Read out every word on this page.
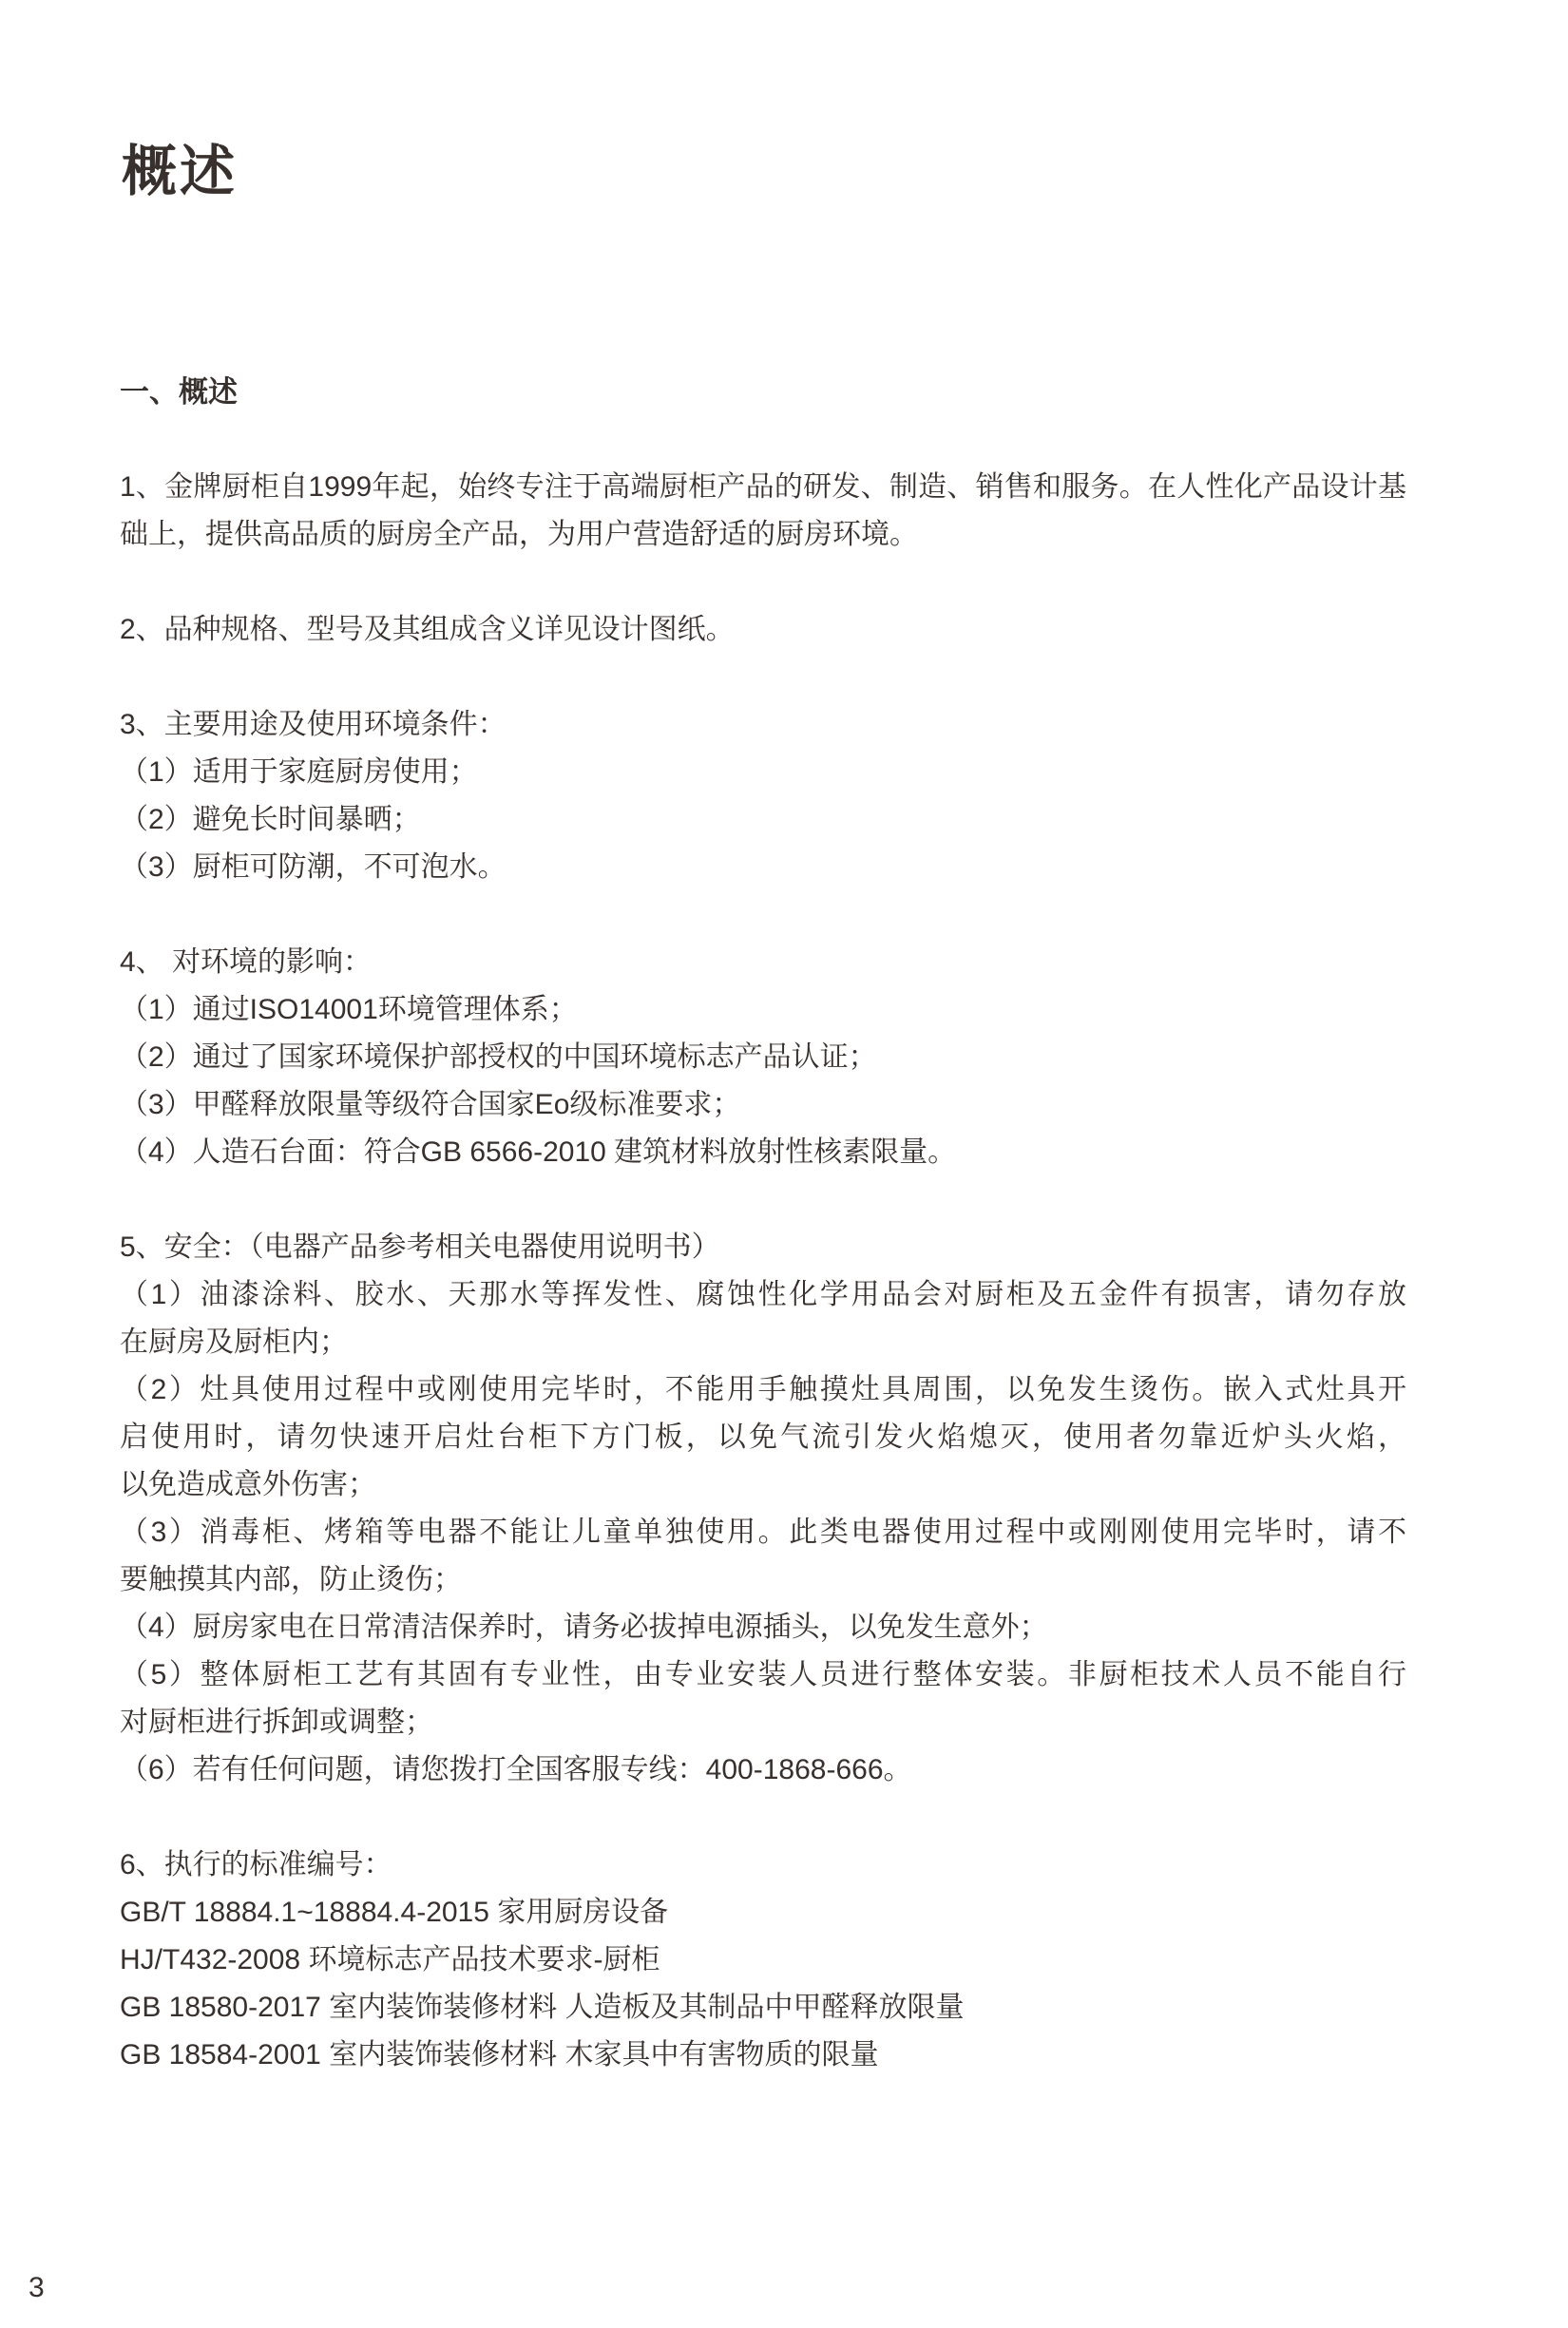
概述
一、概述
1、金牌厨柜自1999年起，始终专注于高端厨柜产品的研发、制造、销售和服务。在人性化产品设计基
础上，提供高品质的厨房全产品，为用户营造舒适的厨房环境。
2、品种规格、型号及其组成含义详见设计图纸。
3、主要用途及使用环境条件：
（1）适用于家庭厨房使用；
（2）避免长时间暴晒；
（3）厨柜可防潮，不可泡水。
4、 对环境的影响：
（1）通过ISO14001环境管理体系；
（2）通过了国家环境保护部授权的中国环境标志产品认证；
（3）甲醛释放限量等级符合国家Eo级标准要求；
（4）人造石台面：符合GB 6566-2010 建筑材料放射性核素限量。
5、安全：（电器产品参考相关电器使用说明书）
（1）油漆涂料、胶水、天那水等挥发性、腐蚀性化学用品会对厨柜及五金件有损害，请勿存放
在厨房及厨柜内；
（2）灶具使用过程中或刚使用完毕时，不能用手触摸灶具周围，以免发生烫伤。嵌入式灶具开
启使用时，请勿快速开启灶台柜下方门板，以免气流引发火焰熄灭，使用者勿靠近炉头火焰，
以免造成意外伤害；
（3）消毒柜、烤箱等电器不能让儿童单独使用。此类电器使用过程中或刚刚使用完毕时，请不
要触摸其内部，防止烫伤；
（4）厨房家电在日常清洁保养时，请务必拔掉电源插头，以免发生意外；
（5）整体厨柜工艺有其固有专业性，由专业安装人员进行整体安装。非厨柜技术人员不能自行
对厨柜进行拆卸或调整；
（6）若有任何问题，请您拨打全国客服专线：400-1868-666。
6、执行的标准编号：
GB/T 18884.1~18884.4-2015 家用厨房设备
HJ/T432-2008 环境标志产品技术要求-厨柜
GB 18580-2017 室内装饰装修材料 人造板及其制品中甲醛释放限量
GB 18584-2001 室内装饰装修材料 木家具中有害物质的限量
3
